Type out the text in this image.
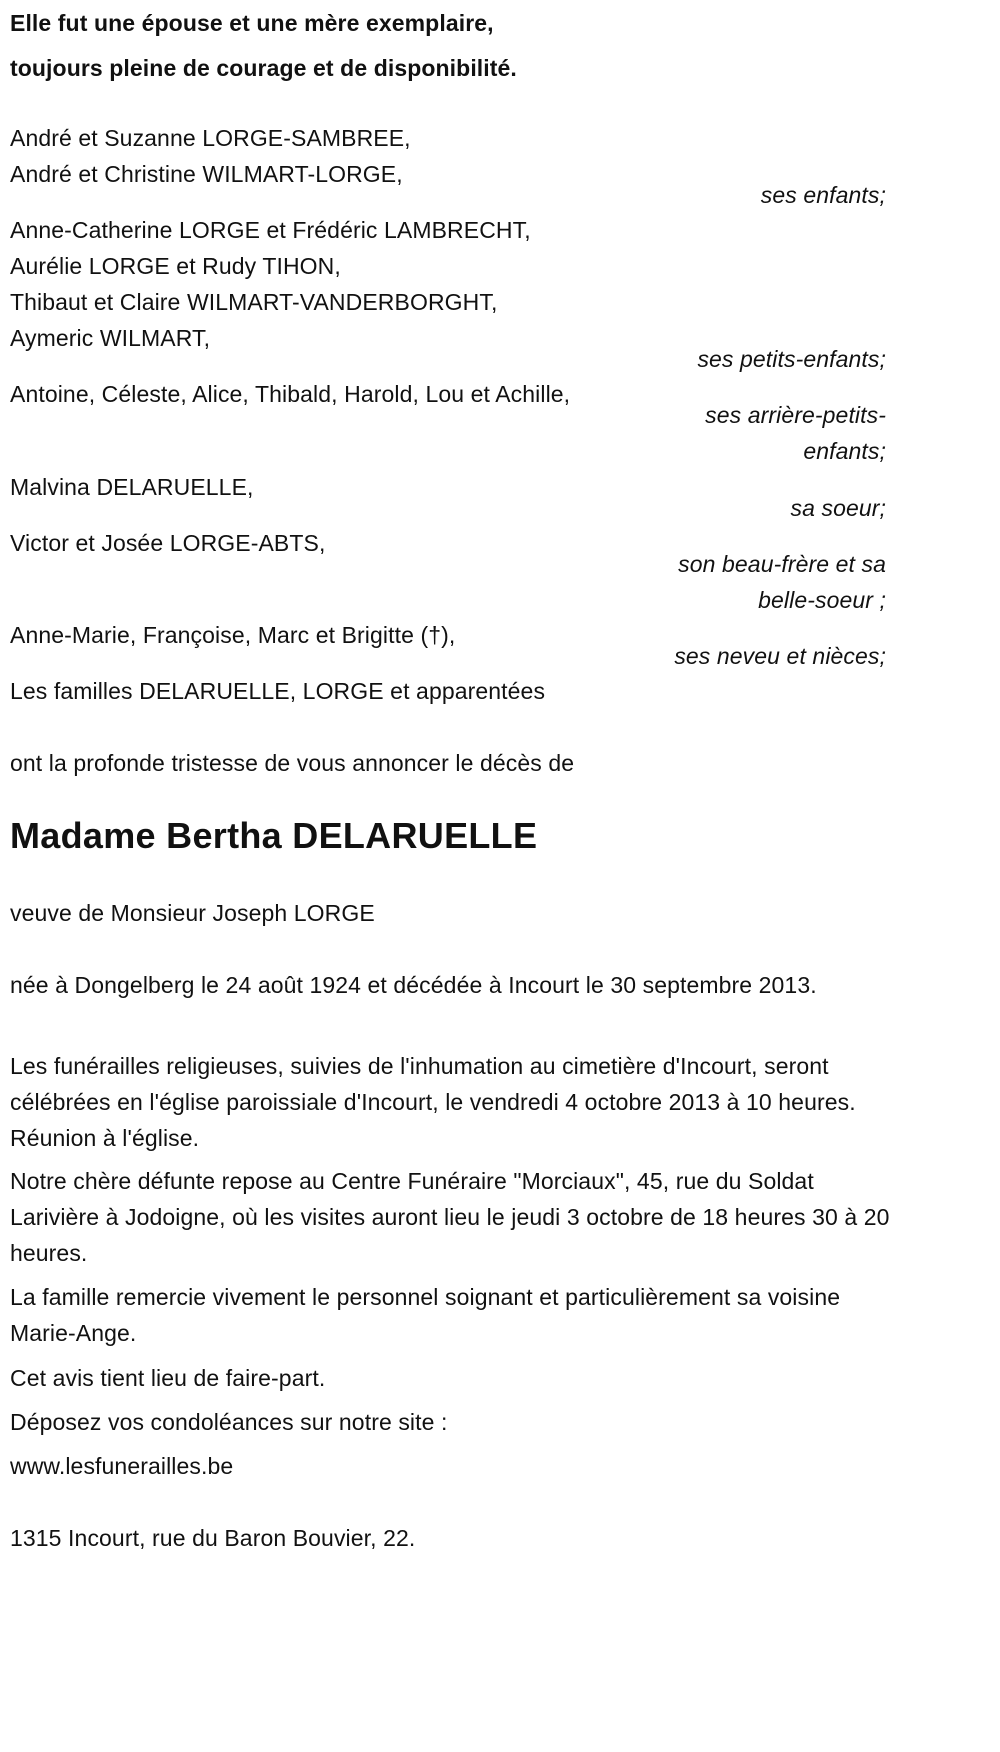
Elle fut une épouse et une mère exemplaire,
toujours pleine de courage et de disponibilité.
André et Suzanne LORGE-SAMBREE,
André et Christine WILMART-LORGE,
ses enfants;
Anne-Catherine LORGE et Frédéric LAMBRECHT,
Aurélie LORGE et Rudy TIHON,
Thibaut et Claire WILMART-VANDERBORGHT,
Aymeric WILMART,
ses petits-enfants;
Antoine, Céleste, Alice, Thibald, Harold, Lou et Achille,
ses arrière-petits-
enfants;
Malvina DELARUELLE,
sa soeur;
Victor et Josée LORGE-ABTS,
son beau-frère et sa
belle-soeur ;
Anne-Marie, Françoise, Marc et Brigitte (†),
ses neveu et nièces;
Les familles DELARUELLE, LORGE et apparentées
ont la profonde tristesse de vous annoncer le décès de
Madame Bertha DELARUELLE
veuve de Monsieur Joseph LORGE
née à Dongelberg le 24 août 1924 et décédée à Incourt le 30 septembre 2013.
Les funérailles religieuses, suivies de l'inhumation au cimetière d'Incourt, seront célébrées en l'église paroissiale d'Incourt, le vendredi 4 octobre 2013 à 10 heures. Réunion à l'église.
Notre chère défunte repose au Centre Funéraire "Morciaux", 45, rue du Soldat Larivière à Jodoigne, où les visites auront lieu le jeudi 3 octobre de 18 heures 30 à 20 heures.
La famille remercie vivement le personnel soignant et particulièrement sa voisine Marie-Ange.
Cet avis tient lieu de faire-part.
Déposez vos condoléances sur notre site :
www.lesfunerailles.be
1315 Incourt, rue du Baron Bouvier, 22.
